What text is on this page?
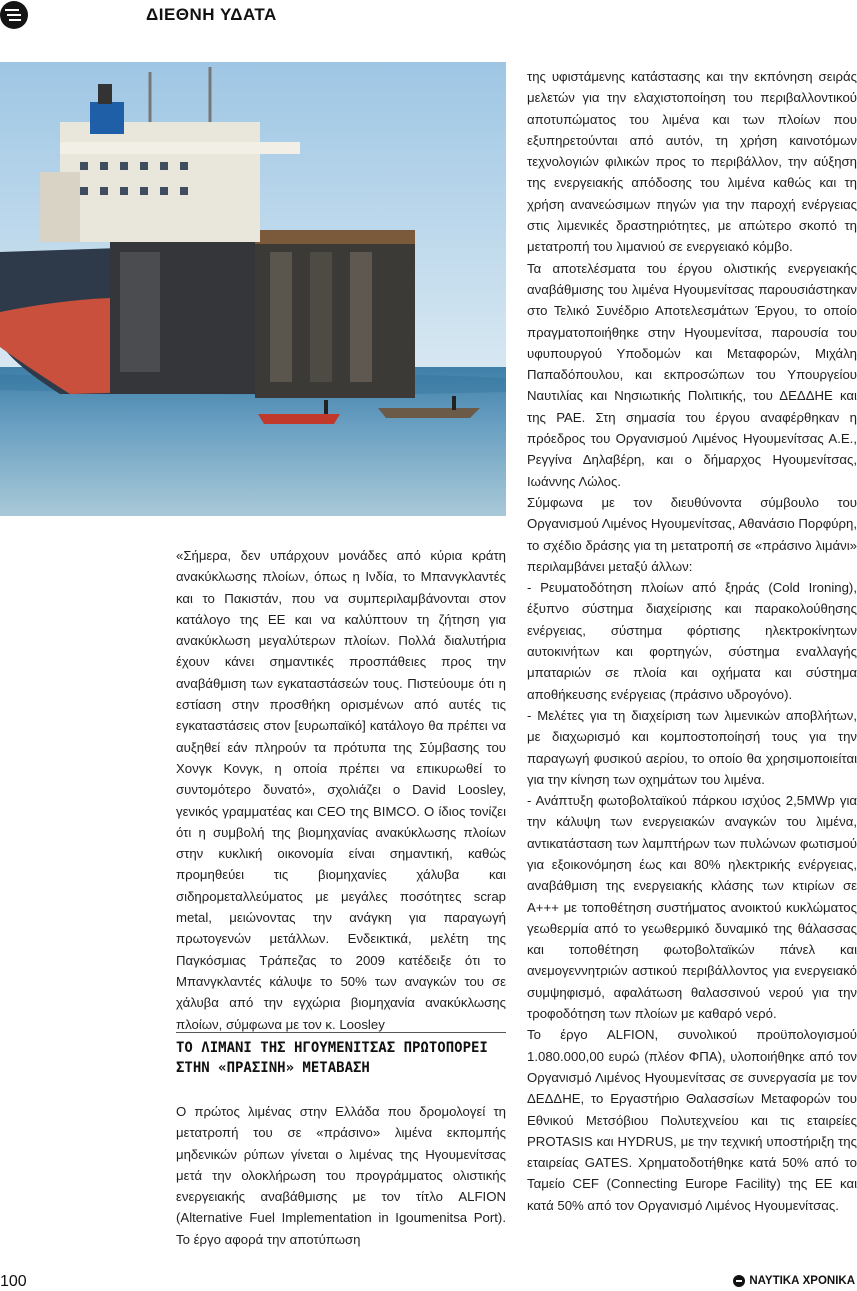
ΔΙΕΘΝΗ ΥΔΑΤΑ

«Σήμερα, δεν υπάρχουν μονάδες από κύρια κράτη ανακύκλωσης πλοίων, όπως η Ινδία, το Μπανγκλαντές και το Πακιστάν, που να συμπεριλαμβάνονται στον κατάλογο της ΕΕ και να καλύπτουν τη ζήτηση για ανακύκλωση μεγαλύτερων πλοίων. Πολλά διαλυτήρια έχουν κάνει σημαντικές προσπάθειες προς την αναβάθμιση των εγκαταστάσεών τους. Πιστεύουμε ότι η εστίαση στην προσθήκη ορισμένων από αυτές τις εγκαταστάσεις στον [ευρωπαϊκό] κατάλογο θα πρέπει να αυξηθεί εάν πληρούν τα πρότυπα της Σύμβασης του Χονγκ Κονγκ, η οποία πρέπει να επικυρωθεί το συντομότερο δυνατό», σχολιάζει ο David Loosley, γενικός γραμματέας και CEO της BIMCO. Ο ίδιος τονίζει ότι η συμβολή της βιομηχανίας ανακύκλωσης πλοίων στην κυκλική οικονομία είναι σημαντική, καθώς προμηθεύει τις βιομηχανίες χάλυβα και σιδηρομεταλλεύματος με μεγάλες ποσότητες scrap metal, μειώνοντας την ανάγκη για παραγωγή πρωτογενών μετάλλων. Ενδεικτικά, μελέτη της Παγκόσμιας Τράπεζας το 2009 κατέδειξε ότι το Μπανγκλαντές κάλυψε το 50% των αναγκών του σε χάλυβα από την εγχώρια βιομηχανία ανακύκλωσης πλοίων, σύμφωνα με τον κ. Loosley

ΤΟ ΛΙΜΑΝΙ ΤΗΣ ΗΓΟΥΜΕΝΙΤΣΑΣ ΠΡΩΤΟΠΟΡΕΙ ΣΤΗΝ «ΠΡΑΣΙΝΗ» ΜΕΤΑΒΑΣΗ

Ο πρώτος λιμένας στην Ελλάδα που δρομολογεί τη μετατροπή του σε «πράσινο» λιμένα εκπομπής μηδενικών ρύπων γίνεται ο λιμένας της Ηγουμενίτσας μετά την ολοκλήρωση του προγράμματος ολιστικής ενεργειακής αναβάθμισης με τον τίτλο ALFION (Alternative Fuel Implementation in Igoumenitsa Port). Το έργο αφορά την αποτύπωση

της υφιστάμενης κατάστασης και την εκπόνηση σειράς μελετών για την ελαχιστοποίηση του περιβαλλοντικού αποτυπώματος του λιμένα και των πλοίων που εξυπηρετούνται από αυτόν, τη χρήση καινοτόμων τεχνολογιών φιλικών προς το περιβάλλον, την αύξηση της ενεργειακής απόδοσης του λιμένα καθώς και τη χρήση ανανεώσιμων πηγών για την παροχή ενέργειας στις λιμενικές δραστηριότητες, με απώτερο σκοπό τη μετατροπή του λιμανιού σε ενεργειακό κόμβο.

Τα αποτελέσματα του έργου ολιστικής ενεργειακής αναβάθμισης του λιμένα Ηγουμενίτσας παρουσιάστηκαν στο Τελικό Συνέδριο Αποτελεσμάτων Έργου, το οποίο πραγματοποιήθηκε στην Ηγουμενίτσα, παρουσία του υφυπουργού Υποδομών και Μεταφορών, Μιχάλη Παπαδόπουλου, και εκπροσώπων του Υπουργείου Ναυτιλίας και Νησιωτικής Πολιτικής, του ΔΕΔΔΗΕ και της ΡΑΕ. Στη σημασία του έργου αναφέρθηκαν η πρόεδρος του Οργανισμού Λιμένος Ηγουμενίτσας Α.Ε., Ρεγγίνα Δηλαβέρη, και ο δήμαρχος Ηγουμενίτσας, Ιωάννης Λώλος.

Σύμφωνα με τον διευθύνοντα σύμβουλο του Οργανισμού Λιμένος Ηγουμενίτσας, Αθανάσιο Πορφύρη, το σχέδιο δράσης για τη μετατροπή σε «πράσινο λιμάνι» περιλαμβάνει μεταξύ άλλων:

- Ρευματοδότηση πλοίων από ξηράς (Cold Ironing), έξυπνο σύστημα διαχείρισης και παρακολούθησης ενέργειας, σύστημα φόρτισης ηλεκτροκίνητων αυτοκινήτων και φορτηγών, σύστημα εναλλαγής μπαταριών σε πλοία και οχήματα και σύστημα αποθήκευσης ενέργειας (πράσινο υδρογόνο).

- Μελέτες για τη διαχείριση των λιμενικών αποβλήτων, με διαχωρισμό και κομποστοποίησή τους για την παραγωγή φυσικού αερίου, το οποίο θα χρησιμοποιείται για την κίνηση των οχημάτων του λιμένα.

- Ανάπτυξη φωτοβολταϊκού πάρκου ισχύος 2,5MWp για την κάλυψη των ενεργειακών αναγκών του λιμένα, αντικατάσταση των λαμπτήρων των πυλώνων φωτισμού για εξοικονόμηση έως και 80% ηλεκτρικής ενέργειας, αναβάθμιση της ενεργειακής κλάσης των κτιρίων σε Α+++ με τοποθέτηση συστήματος ανοικτού κυκλώματος γεωθερμία από το γεωθερμικό δυναμικό της θάλασσας και τοποθέτηση φωτοβολταϊκών πάνελ και ανεμογεννητριών αστικού περιβάλλοντος για ενεργειακό συμψηφισμό, αφαλάτωση θαλασσινού νερού για την τροφοδότηση των πλοίων με καθαρό νερό.

Το έργο ALFION, συνολικού προϋπολογισμού 1.080.000,00 ευρώ (πλέον ΦΠΑ), υλοποιήθηκε από τον Οργανισμό Λιμένος Ηγουμενίτσας σε συνεργασία με τον ΔΕΔΔΗΕ, το Εργαστήριο Θαλασσίων Μεταφορών του Εθνικού Μετσόβιου Πολυτεχνείου και τις εταιρείες PROTASIS και HYDRUS, με την τεχνική υποστήριξη της εταιρείας GATES. Χρηματοδοτήθηκε κατά 50% από το Ταμείο CEF (Connecting Europe Facility) της ΕΕ και κατά 50% από τον Οργανισμό Λιμένος Ηγουμενίτσας.

100	ΝΑΥΤΙΚΑ ΧΡΟΝΙΚΑ
